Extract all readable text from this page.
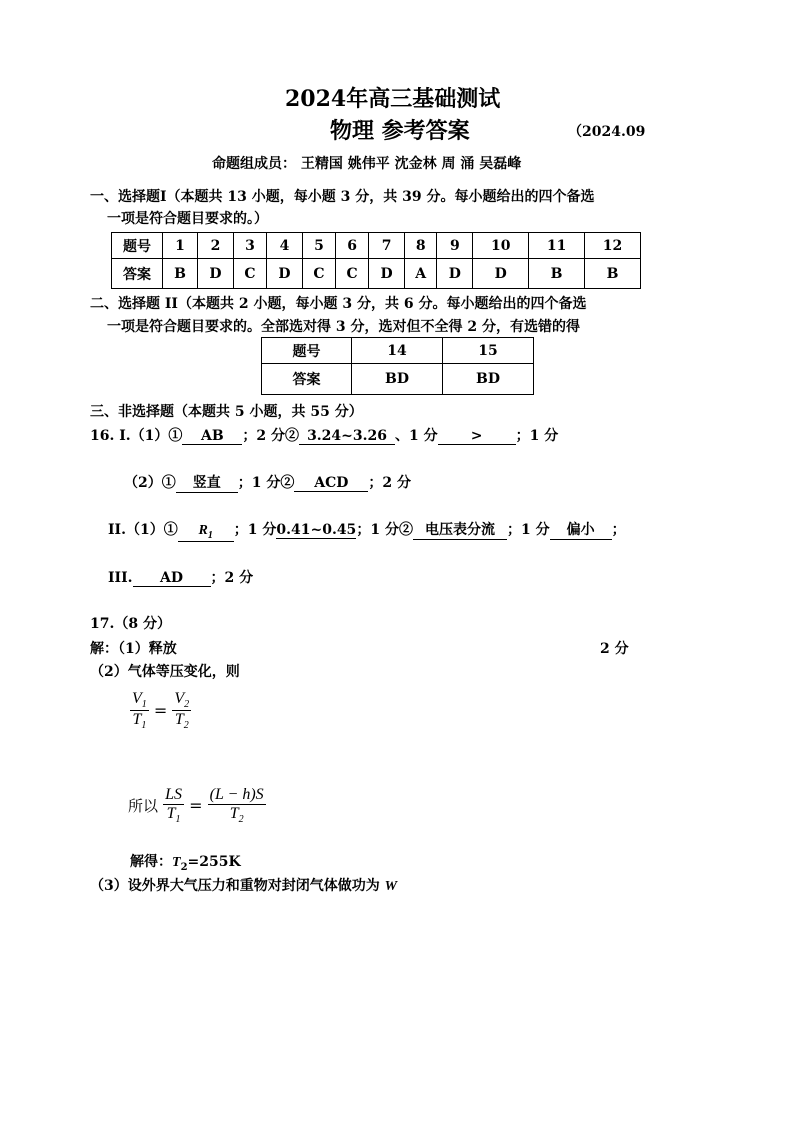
2024年高三基础测试
物理 参考答案	（2024.09
命题组成员： 王精国 姚伟平 沈金林 周 涌 吴磊峰
一、选择题I（本题共 13 小题，每小题 3 分，共 39 分。每小题给出的四个备选
一项是符合题目要求的。）
题号	1	2	3	4	5	6	7	8	9	10	11	12
答案	B	D	C	D	C	C	D	A	D	D	B	B
二、选择题 II（本题共 2 小题，每小题 3 分，共 6 分。每小题给出的四个备选
一项是符合题目要求的。全部选对得 3 分，选对但不全得 2 分，有选错的得
题号	14	15
答案	BD	BD
三、非选择题（本题共 5 小题，共 55 分）
16. I.（1）① AB ；2 分② 3.24~3.26 、1 分 > ；1 分
（2）① 竖直 ；1 分② ACD ；2 分
II.（1）① $R_1$ ；1 分0.41~0.45；1 分② 电压表分流 ；1 分 偏小 ；
III. AD ；2 分
17.（8 分）
解：（1）释放	2 分
（2）气体等压变化，则
$\frac{V_1}{T_1} = \frac{V_2}{T_2}$
所以 $\frac{LS}{T_1} = \frac{(L - h)S}{T_2}$
解得：$T_2=255K$
（3）设外界大气压力和重物对封闭气体做功为 W
